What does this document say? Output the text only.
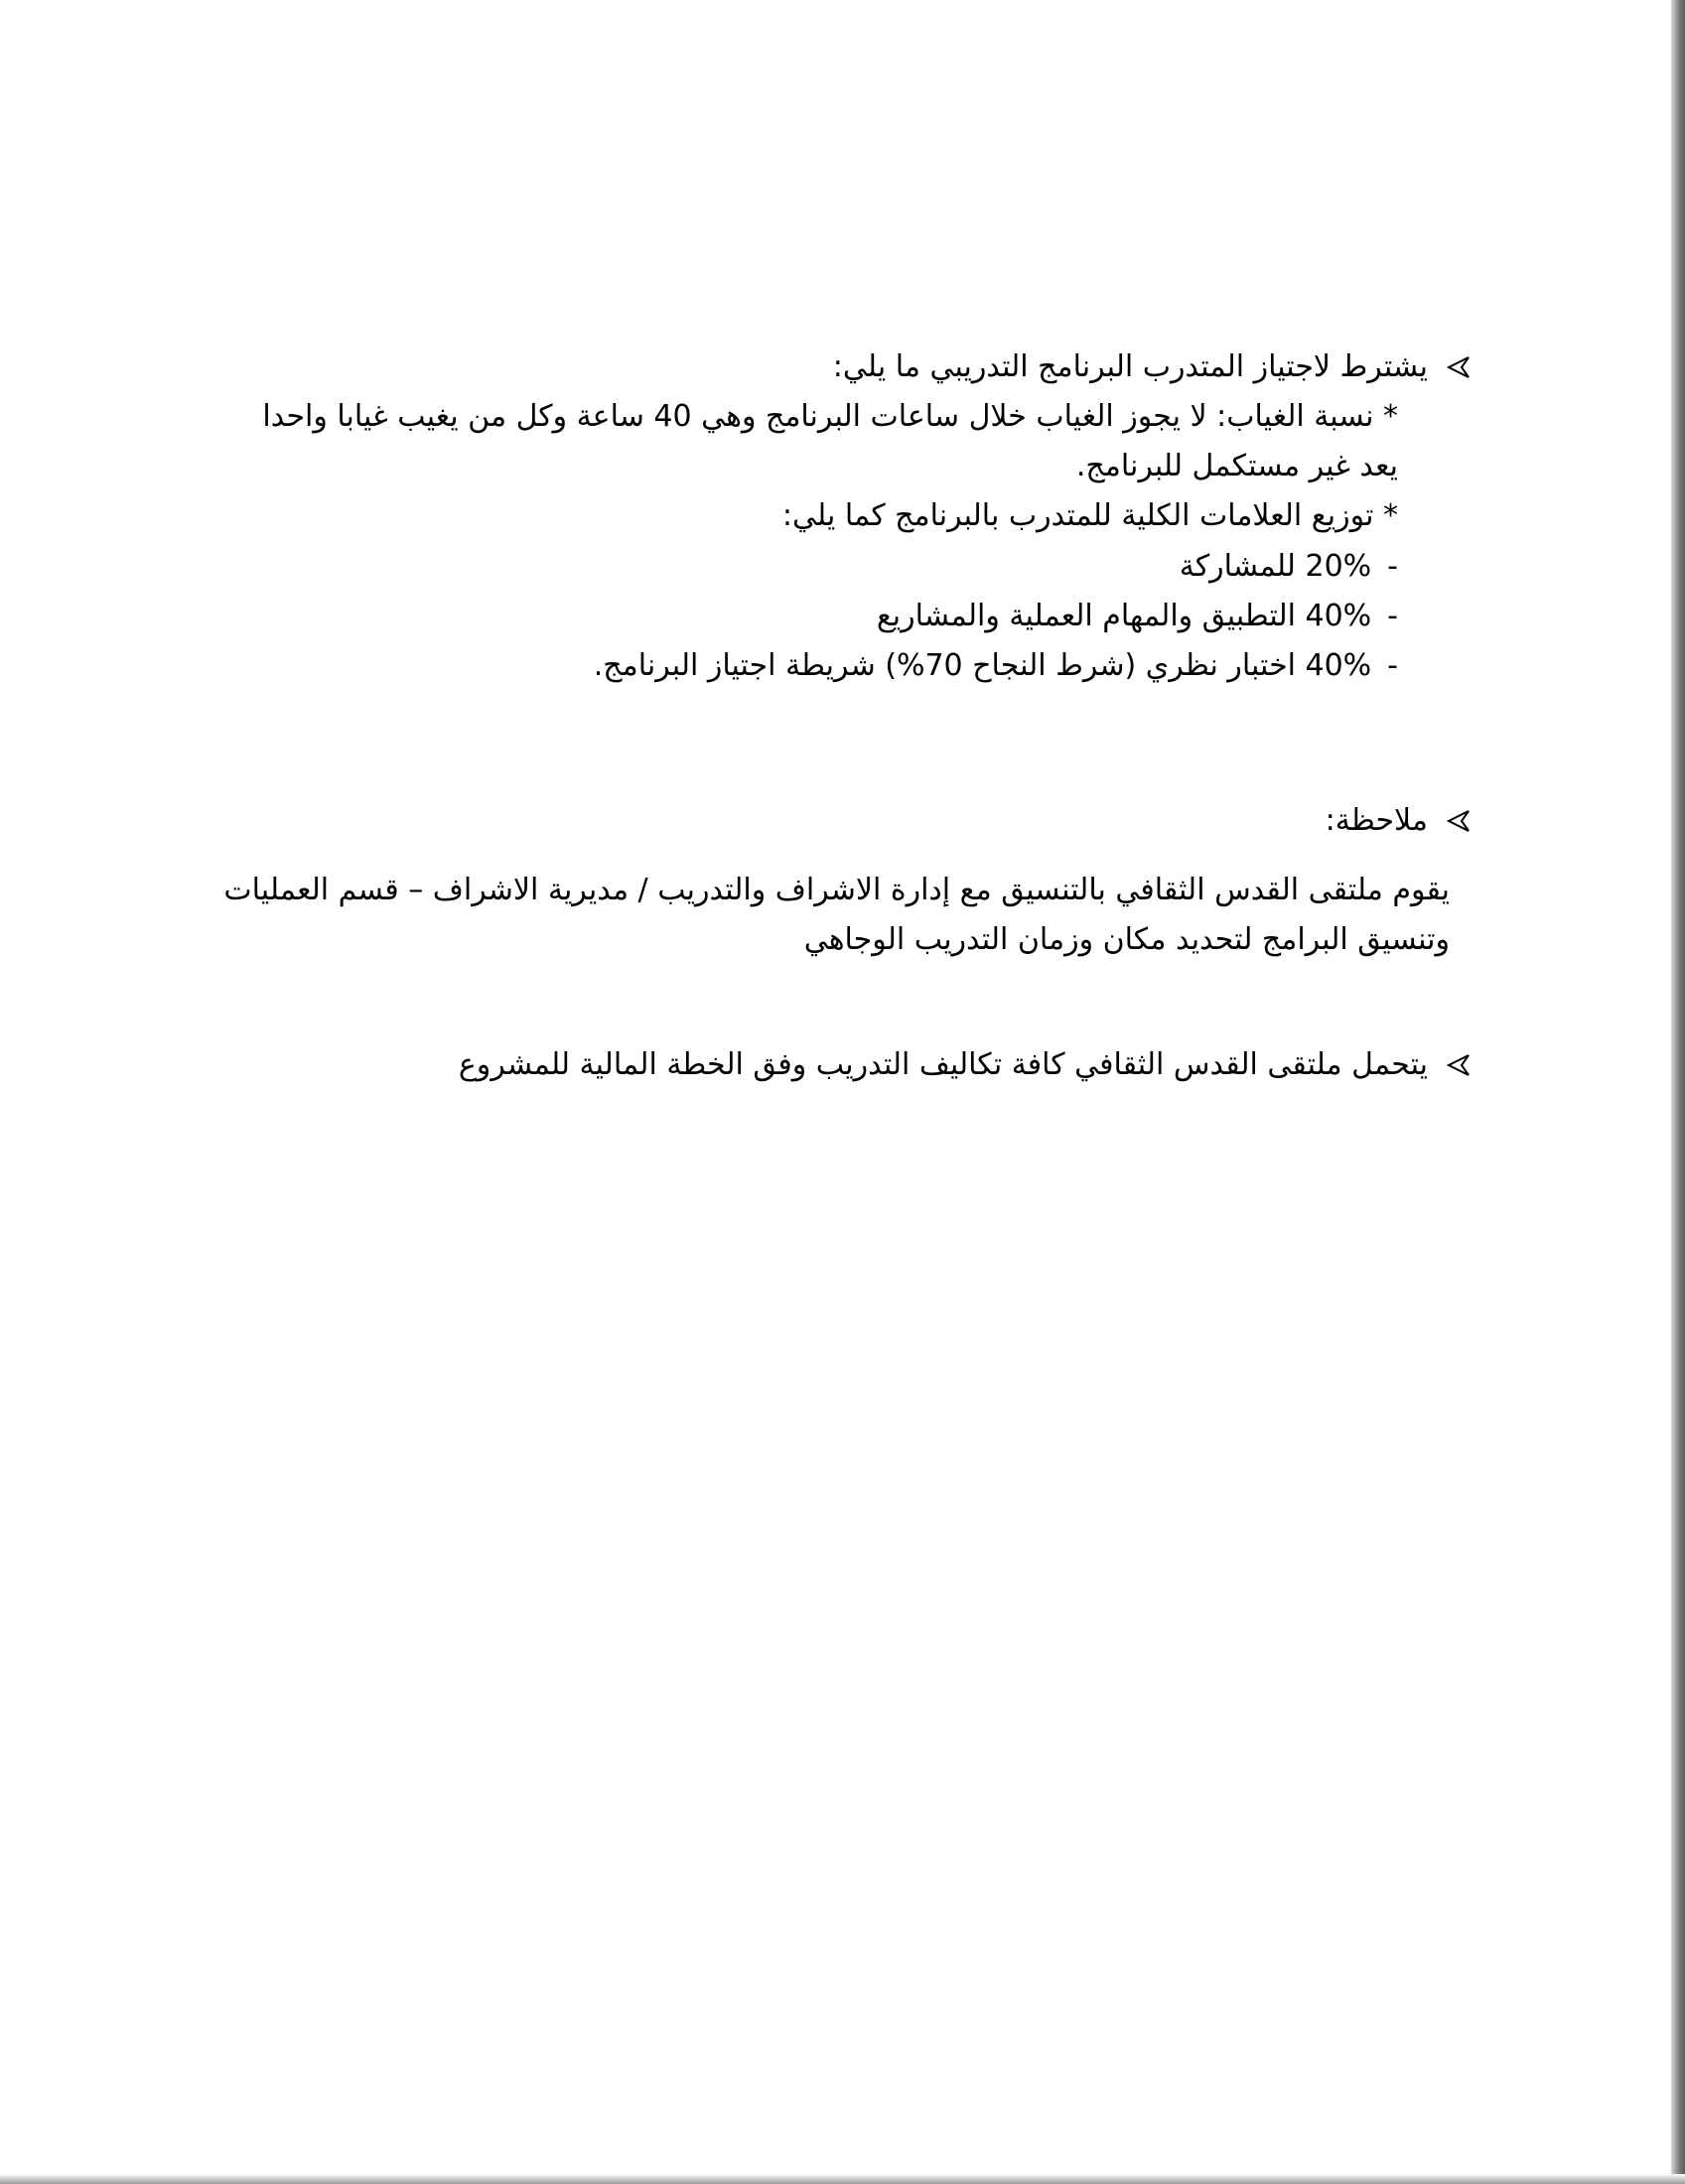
يشترط لاجتياز المتدرب البرنامج التدريبي ما يلي:
* نسبة الغياب: لا يجوز الغياب خلال ساعات البرنامج وهي 40 ساعة وكل من يغيب غيابا واحدا
يعد غير مستكمل للبرنامج.
* توزيع العلامات الكلية للمتدرب بالبرنامج كما يلي:
-
20% للمشاركة
-
40% التطبيق والمهام العملية والمشاريع
-
40% اختبار نظري (شرط النجاح 70%) شريطة اجتياز البرنامج.
ملاحظة:
يقوم ملتقى القدس الثقافي بالتنسيق مع إدارة الاشراف والتدريب / مديرية الاشراف – قسم العمليات
وتنسيق البرامج لتحديد مكان وزمان التدريب الوجاهي
يتحمل ملتقى القدس الثقافي كافة تكاليف التدريب وفق الخطة المالية للمشروع
